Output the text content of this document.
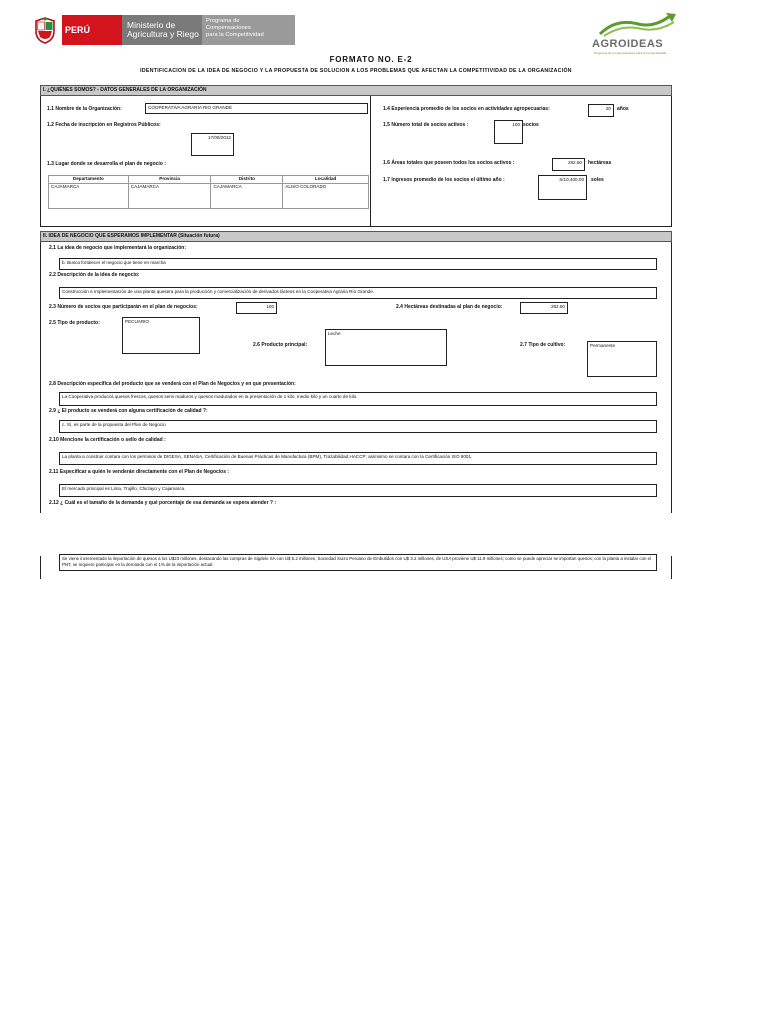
PERÚ	Ministerio de
Agricultura y Riego
Programa de
Compensaciones
para la Competitividad
AGROIDEAS
Programa de Compensaciones para la Competitividad
FORMATO NO. E-2
IDENTIFICACION DE LA IDEA DE NEGOCIO Y LA PROPUESTA DE SOLUCION A LOS PROBLEMAS QUE AFECTAN LA COMPETITIVIDAD DE LA ORGANIZACIÓN
I. ¿QUIÉNES SOMOS? - DATOS GENERALES DE LA ORGANIZACIÓN
1.1 Nombre de la Organización:	COOPERATIVA AGRARIA RIO GRANDE
1.2 Fecha de inscripción en Registros Públicos:
17/08/2012
1.3 Lugar donde se desarrolla el plan de negocio :
Departamento	Provincia	Distrito	Localidad
CAJAMARCA	CAJAMARCA	CAJAMARCA	ALISO COLORADO
1.4 Experiencia promedio de los socios en actividades agropecuarias:	20	años
1.5 Número total de socios activos :	100 socios
1.6 Áreas totales que poseen todos los socios activos :	282.50	hectáreas
1.7 Ingresos promedio de los socios el último año :	S/10,400.00	soles
II. IDEA DE NEGOCIO QUE ESPERAMOS IMPLEMENTAR (Situación futura)
2.1 La idea de negocio que implementará la organización:
b. Busca fortalecer el negocio que tiene en marcha
2.2 Descripción de la idea de negocio:
Construcción e Implementación de una planta quesera para la producción y comercialización de derivados lácteos en la Cooperativa Agraria Río Grande.
2.3 Número de socios que participarán en el plan de negocios:	100	2.4 Hectáreas destinadas al plan de negocio:	282.50
2.5 Tipo de producto:	PECUARIO
2.6 Producto principal:
Leche
2.7 Tipo de cultivo:	Permanente
2.8 Descripción específica del producto que se venderá con el Plan de Negocios y en que presentación:
La Cooperativa producirá quesos frescos, quesos semi maduros y quesos madurados en la presentación de 1 kilo, medio kilo y un cuarto de kilo.
2.9 ¿ El producto se venderá con alguna certificación de calidad ?:
c. Sí, es parte de la propuesta del Plan de Negocio
2.10 Mencione la certificación o sello de calidad :
La planta a construir contara con los permisos de DIGESA, SENASA, Certificación de Buenas Prácticas de Manufactura (BPM), Trazabilidad,HACCP; asimismo se contara con la Certificación ISO 9001.
2.11 Especificar a quién le venderán directamente con el Plan de Negocios :
El mercado principal es Lima, Trujillo, Chiclayo y Cajamarca.
2.12 ¿ Cuál es el tamaño de la demanda y qué porcentaje de esa demanda se espera atender ? :
Se viene incrementado la importación de quesos a los U$23 millones, destacando las compras de Sigdelo SA con U$ 5.2 millones, Sociedad Suizo Peruano de Embutidos con U$ 3.2 millones, de USA proviene U$ 11.9 millones; como se puede apreciar se importan quesos; con la planta a instalar con el PNT, se requiere participar en la demanda con el 1% de la importación actual.
